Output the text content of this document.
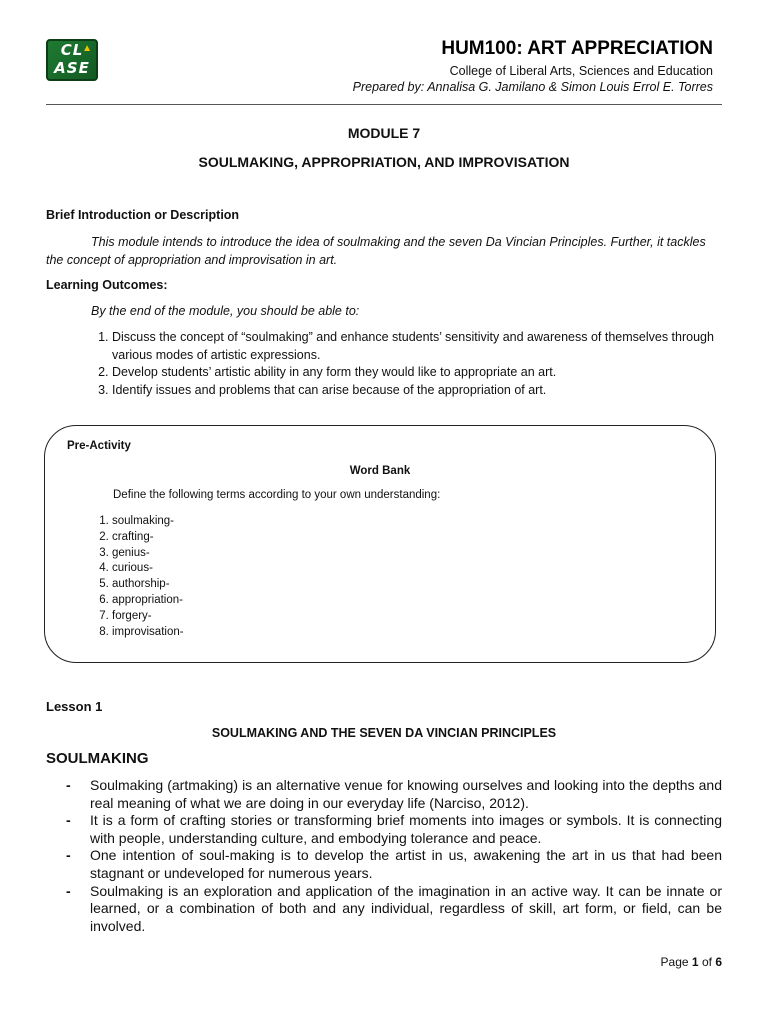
▲
CL
ASE
HUM100: ART APPRECIATION
College of Liberal Arts, Sciences and Education
Prepared by: Annalisa G. Jamilano & Simon Louis Errol E. Torres
MODULE 7
SOULMAKING, APPROPRIATION, AND IMPROVISATION
Brief Introduction or Description

This module intends to introduce the idea of soulmaking and the seven Da Vincian Principles. Further, it tackles the concept of appropriation and improvisation in art.

Learning Outcomes:
By the end of the module, you should be able to:
1. Discuss the concept of “soulmaking” and enhance students’ sensitivity and awareness of themselves through various modes of artistic expressions.
2. Develop students’ artistic ability in any form they would like to appropriate an art.
3. Identify issues and problems that can arise because of the appropriation of art.
Pre-Activity
Word Bank
Define the following terms according to your own understanding:
1. soulmaking-
2. crafting-
3. genius-
4. curious-
5. authorship-
6. appropriation-
7. forgery-
8. improvisation-
Lesson 1
SOULMAKING AND THE SEVEN DA VINCIAN PRINCIPLES
SOULMAKING
- Soulmaking (artmaking) is an alternative venue for knowing ourselves and looking into the depths and real meaning of what we are doing in our everyday life (Narciso, 2012).
- It is a form of crafting stories or transforming brief moments into images or symbols. It is connecting with people, understanding culture, and embodying tolerance and peace.
- One intention of soul-making is to develop the artist in us, awakening the art in us that had been stagnant or undeveloped for numerous years.
- Soulmaking is an exploration and application of the imagination in an active way. It can be innate or learned, or a combination of both and any individual, regardless of skill, art form, or field, can be involved.
Page 1 of 6
